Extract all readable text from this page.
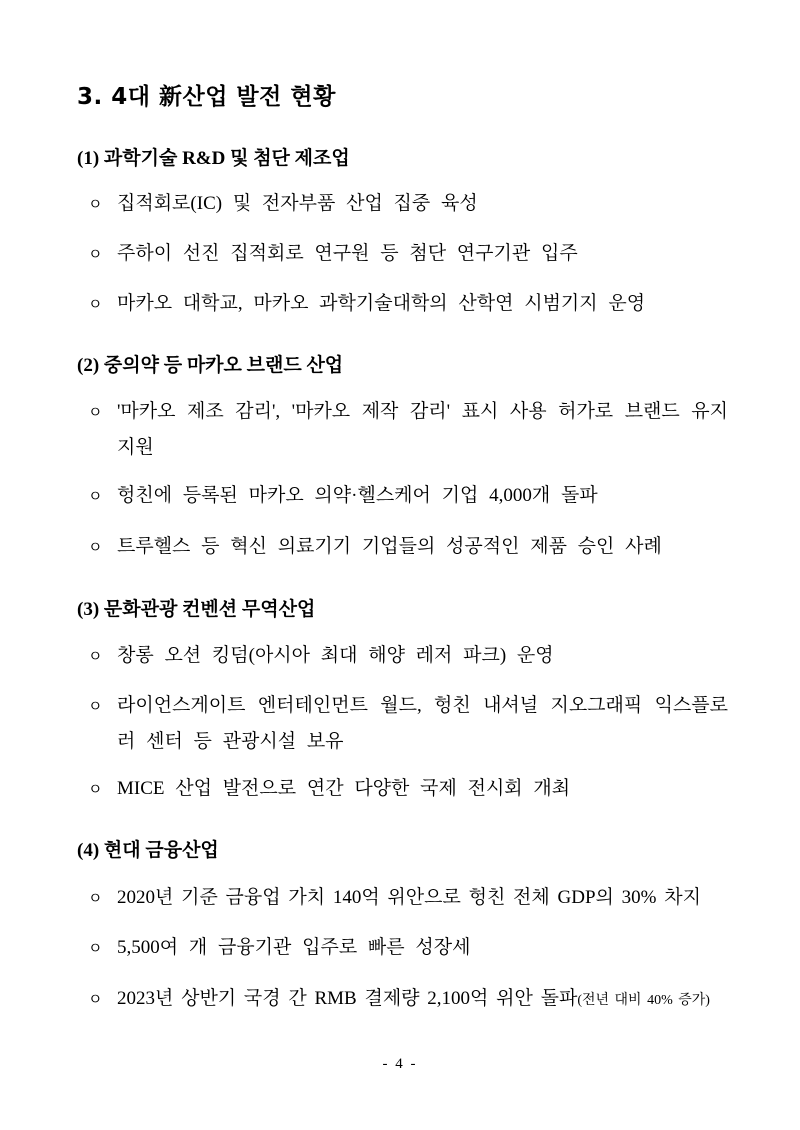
3. 4대 新산업 발전 현황
(1) 과학기술 R&D 및 첨단 제조업
ㅇ 집적회로(IC) 및 전자부품 산업 집중 육성
ㅇ 주하이 선진 집적회로 연구원 등 첨단 연구기관 입주
ㅇ 마카오 대학교, 마카오 과학기술대학의 산학연 시범기지 운영
(2) 중의약 등 마카오 브랜드 산업
ㅇ '마카오 제조 감리', '마카오 제작 감리' 표시 사용 허가로 브랜드 유지 지원
ㅇ 헝친에 등록된 마카오 의약·헬스케어 기업 4,000개 돌파
ㅇ 트루헬스 등 혁신 의료기기 기업들의 성공적인 제품 승인 사례
(3) 문화관광 컨벤션 무역산업
ㅇ 창롱 오션 킹덤(아시아 최대 해양 레저 파크) 운영
ㅇ 라이언스게이트 엔터테인먼트 월드, 헝친 내셔널 지오그래픽 익스플로러 센터 등 관광시설 보유
ㅇ MICE 산업 발전으로 연간 다양한 국제 전시회 개최
(4) 현대 금융산업
ㅇ 2020년 기준 금융업 가치 140억 위안으로 헝친 전체 GDP의 30% 차지
ㅇ 5,500여 개 금융기관 입주로 빠른 성장세
ㅇ 2023년 상반기 국경 간 RMB 결제량 2,100억 위안 돌파(전년 대비 40% 증가)
- 4 -
